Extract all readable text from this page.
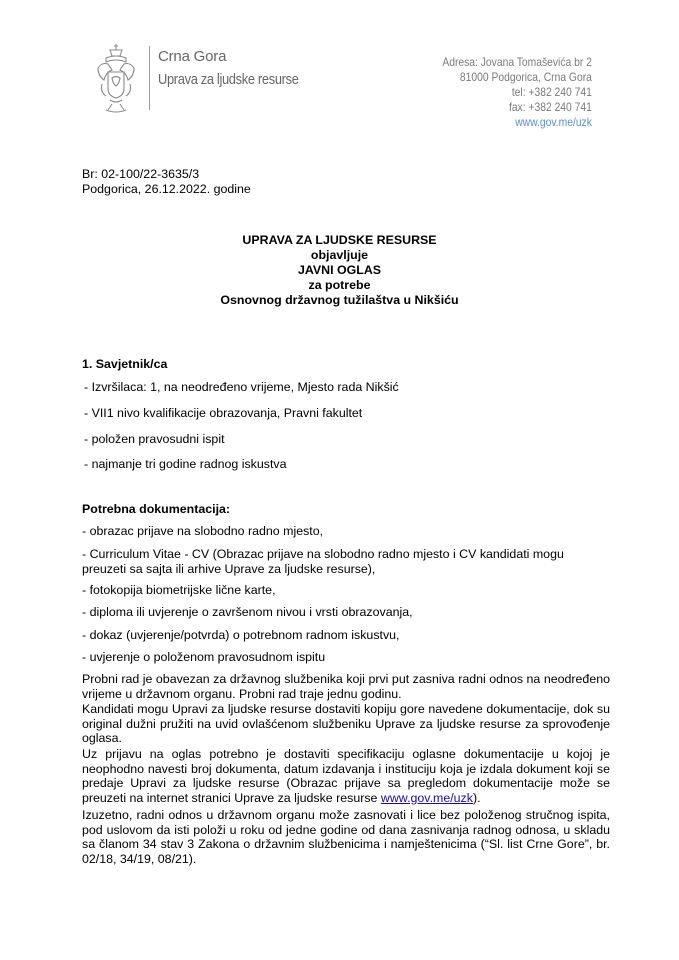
Crna Gora
Uprava za ljudske resurse
Adresa: Jovana Tomaševića br 2
81000 Podgorica, Crna Gora
tel: +382 240 741
fax: +382 240 741
www.gov.me/uzk
Br: 02-100/22-3635/3
Podgorica, 26.12.2022. godine
UPRAVA ZA LJUDSKE RESURSE
objavljuje
JAVNI OGLAS
za potrebe
Osnovnog državnog tužilaštva u Nikšiću
1. Savjetnik/ca
- Izvršilaca: 1, na neodređeno vrijeme, Mjesto rada Nikšić
- VII1 nivo kvalifikacije obrazovanja, Pravni fakultet
- položen pravosudni ispit
- najmanje tri godine radnog iskustva
Potrebna dokumentacija:
- obrazac prijave na slobodno radno mjesto,
- Curriculum Vitae - CV (Obrazac prijave na slobodno radno mjesto i CV kandidati mogu preuzeti sa sajta ili arhive Uprave za ljudske resurse),
- fotokopija biometrijske lične karte,
- diploma ili uvjerenje o završenom nivou i vrsti obrazovanja,
- dokaz (uvjerenje/potvrda) o potrebnom radnom iskustvu,
- uvjerenje o položenom pravosudnom ispitu
Probni rad je obavezan za državnog službenika koji prvi put zasniva radni odnos na neodređeno vrijeme u državnom organu. Probni rad traje jednu godinu.
Kandidati mogu Upravi za ljudske resurse dostaviti kopiju gore navedene dokumentacije, dok su original dužni pružiti na uvid ovlašćenom službeniku Uprave za ljudske resurse za sprovođenje oglasa.
Uz prijavu na oglas potrebno je dostaviti specifikaciju oglasne dokumentacije u kojoj je neophodno navesti broj dokumenta, datum izdavanja i instituciju koja je izdala dokument koji se predaje Upravi za ljudske resurse (Obrazac prijave sa pregledom dokumentacije može se preuzeti na internet stranici Uprave za ljudske resurse www.gov.me/uzk).
Izuzetno, radni odnos u državnom organu može zasnovati i lice bez položenog stručnog ispita, pod uslovom da isti položi u roku od jedne godine od dana zasnivanja radnog odnosa, u skladu sa članom 34 stav 3 Zakona o državnim službenicima i namještenicima (“Sl. list Crne Gore”, br. 02/18, 34/19, 08/21).
